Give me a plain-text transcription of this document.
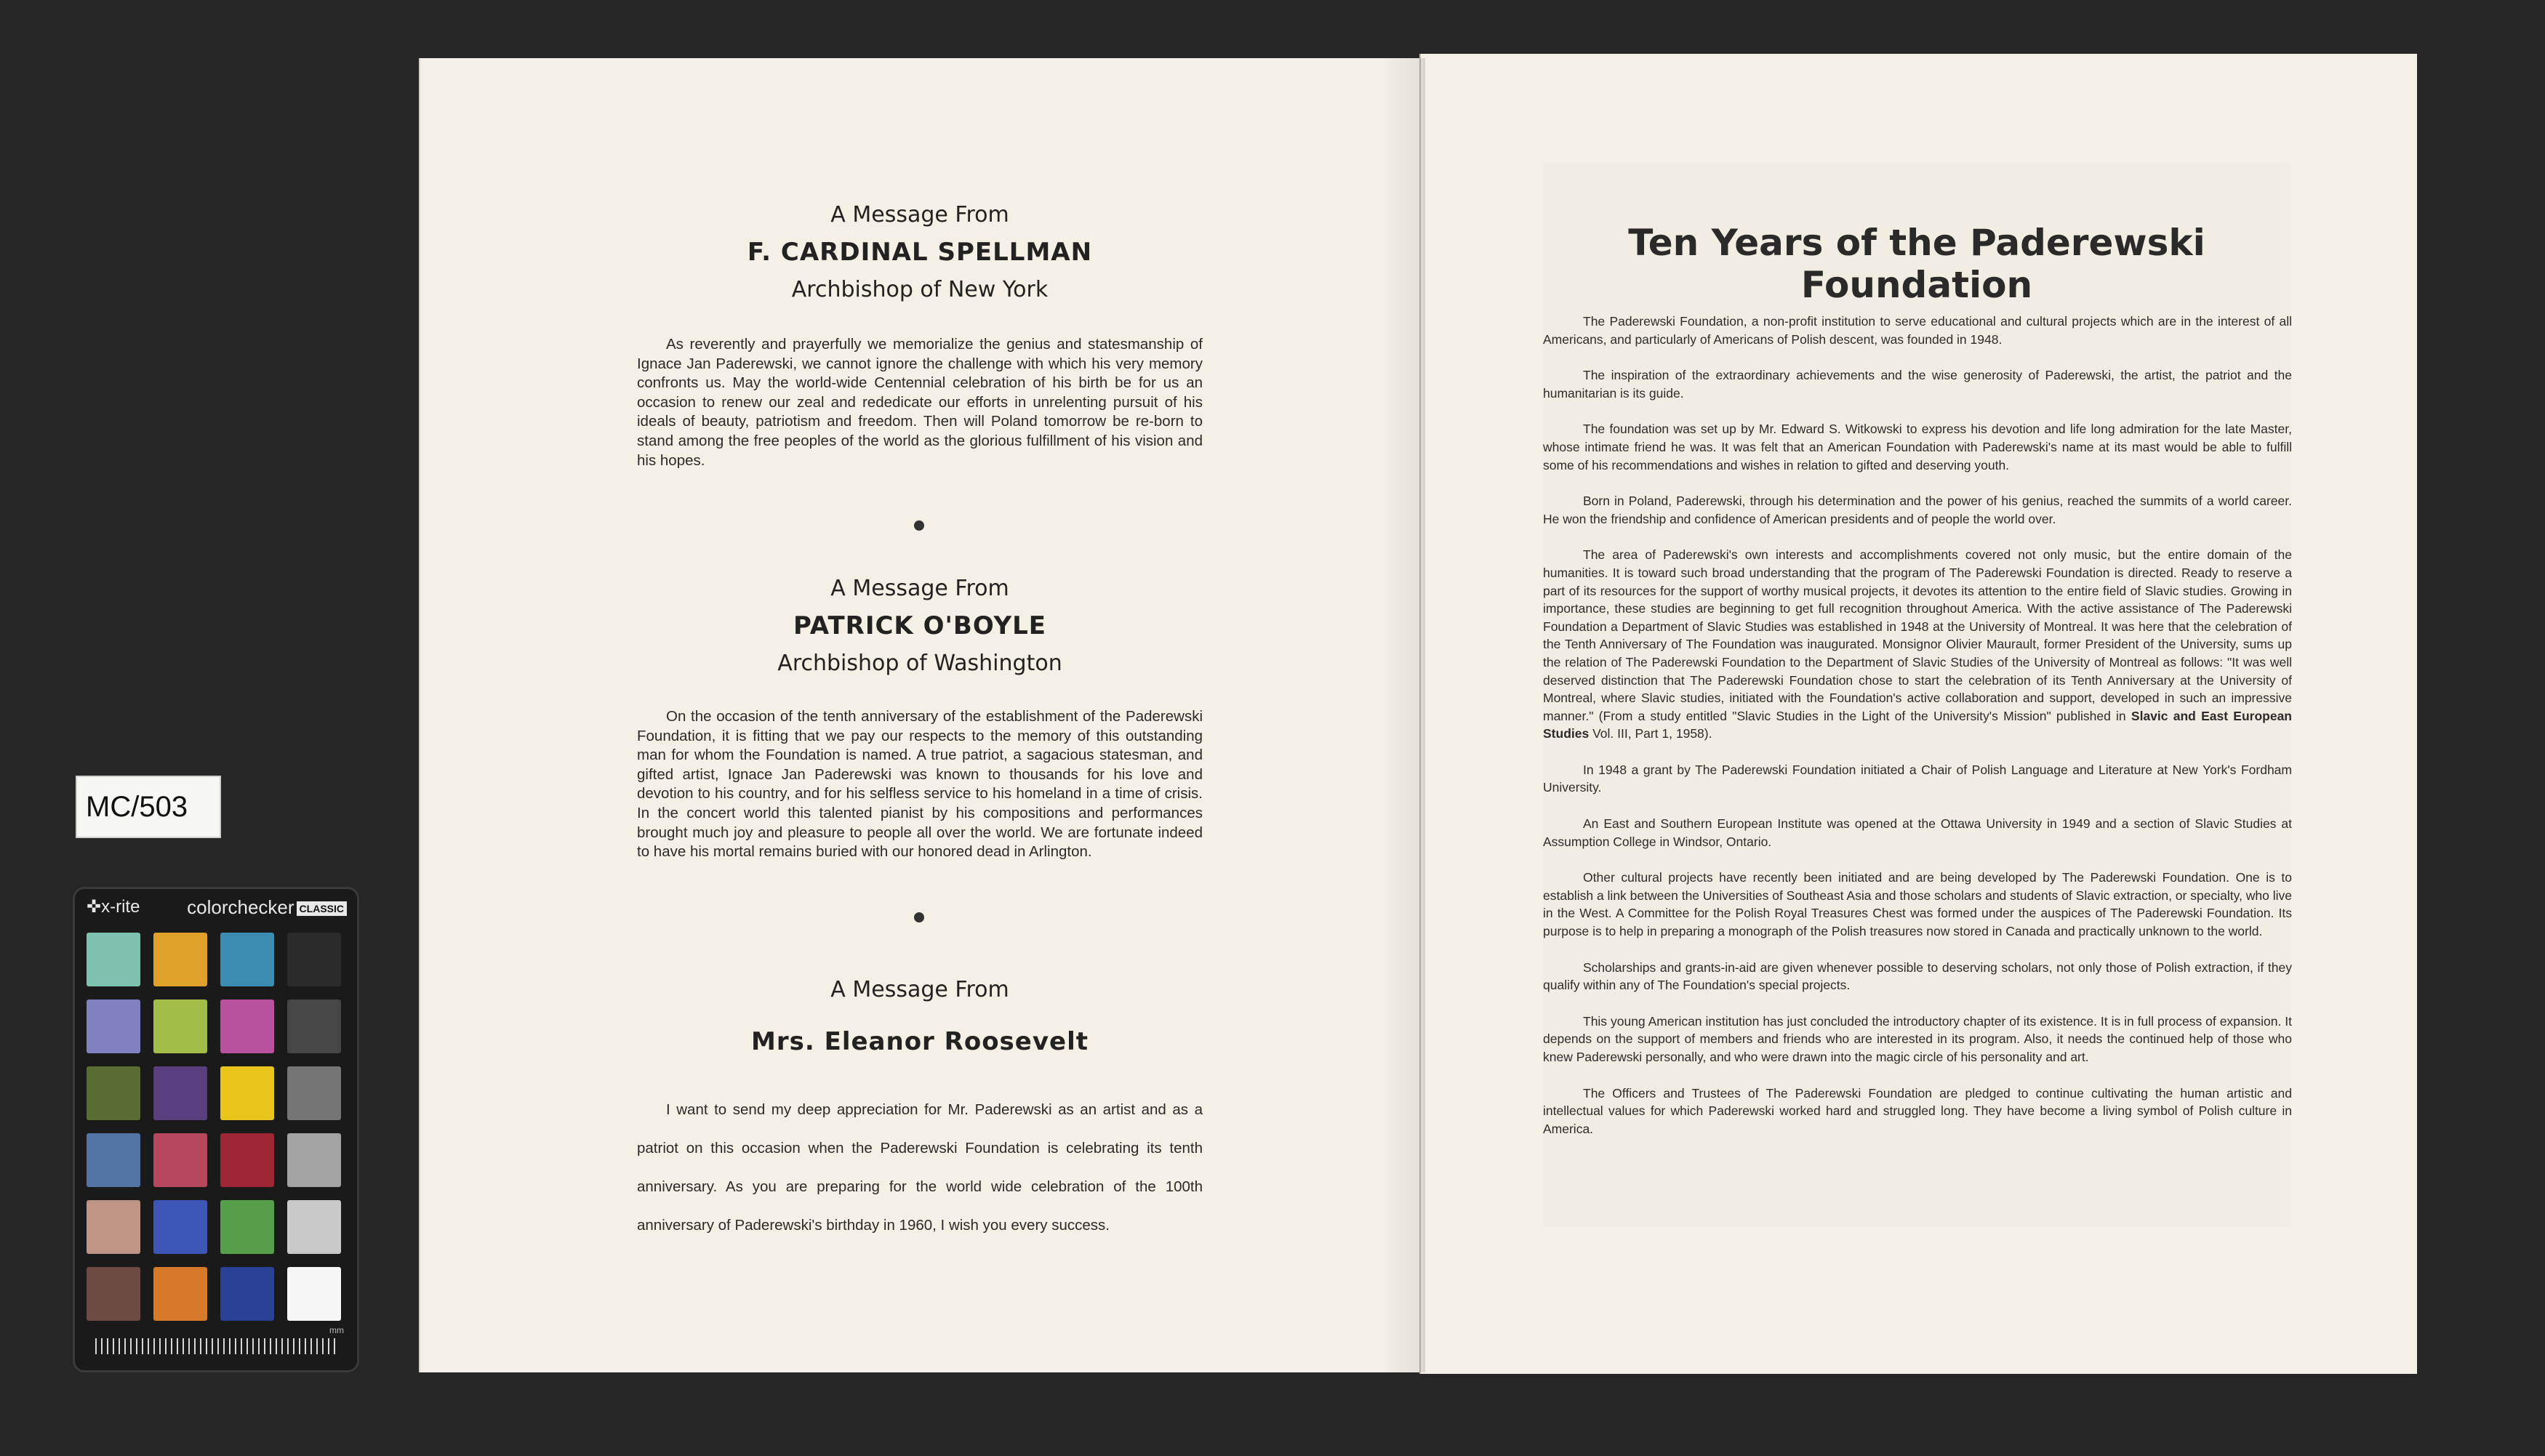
MC/503
✜x-rite colorchecker CLASSIC
mm
A Message From
F. CARDINAL SPELLMAN
Archbishop of New York

As reverently and prayerfully we memorialize the genius and statesmanship of Ignace Jan Paderewski, we cannot ignore the challenge with which his very memory confronts us. May the world-wide Centennial celebration of his birth be for us an occasion to renew our zeal and rededicate our efforts in unrelenting pursuit of his ideals of beauty, patriotism and freedom. Then will Poland tomorrow be re-born to stand among the free peoples of the world as the glorious fulfillment of his vision and his hopes.

A Message From
PATRICK O'BOYLE
Archbishop of Washington

On the occasion of the tenth anniversary of the establishment of the Paderewski Foundation, it is fitting that we pay our respects to the memory of this outstanding man for whom the Foundation is named. A true patriot, a sagacious statesman, and gifted artist, Ignace Jan Paderewski was known to thousands for his love and devotion to his country, and for his selfless service to his homeland in a time of crisis. In the concert world this talented pianist by his compositions and performances brought much joy and pleasure to people all over the world. We are fortunate indeed to have his mortal remains buried with our honored dead in Arlington.

A Message From
Mrs. Eleanor Roosevelt

I want to send my deep appreciation for Mr. Paderewski as an artist and as a patriot on this occasion when the Paderewski Foundation is celebrating its tenth anniversary. As you are preparing for the world wide celebration of the 100th anniversary of Paderewski's birthday in 1960, I wish you every success.

Ten Years of the Paderewski Foundation

The Paderewski Foundation, a non-profit institution to serve educational and cultural projects which are in the interest of all Americans, and particularly of Americans of Polish descent, was founded in 1948.

The inspiration of the extraordinary achievements and the wise generosity of Paderewski, the artist, the patriot and the humanitarian is its guide.

The foundation was set up by Mr. Edward S. Witkowski to express his devotion and life long admiration for the late Master, whose intimate friend he was. It was felt that an American Foundation with Paderewski's name at its mast would be able to fulfill some of his recommendations and wishes in relation to gifted and deserving youth.

Born in Poland, Paderewski, through his determination and the power of his genius, reached the summits of a world career. He won the friendship and confidence of American presidents and of people the world over.

The area of Paderewski's own interests and accomplishments covered not only music, but the entire domain of the humanities. It is toward such broad understanding that the program of The Paderewski Foundation is directed. Ready to reserve a part of its resources for the support of worthy musical projects, it devotes its attention to the entire field of Slavic studies. Growing in importance, these studies are beginning to get full recognition throughout America. With the active assistance of The Paderewski Foundation a Department of Slavic Studies was established in 1948 at the University of Montreal. It was here that the celebration of the Tenth Anniversary of The Foundation was inaugurated. Monsignor Olivier Maurault, former President of the University, sums up the relation of The Paderewski Foundation to the Department of Slavic Studies of the University of Montreal as follows: "It was well deserved distinction that The Paderewski Foundation chose to start the celebration of its Tenth Anniversary at the University of Montreal, where Slavic studies, initiated with the Foundation's active collaboration and support, developed in such an impressive manner." (From a study entitled "Slavic Studies in the Light of the University's Mission" published in Slavic and East European Studies Vol. III, Part 1, 1958).

In 1948 a grant by The Paderewski Foundation initiated a Chair of Polish Language and Literature at New York's Fordham University.

An East and Southern European Institute was opened at the Ottawa University in 1949 and a section of Slavic Studies at Assumption College in Windsor, Ontario.

Other cultural projects have recently been initiated and are being developed by The Paderewski Foundation. One is to establish a link between the Universities of Southeast Asia and those scholars and students of Slavic extraction, or specialty, who live in the West. A Committee for the Polish Royal Treasures Chest was formed under the auspices of The Paderewski Foundation. Its purpose is to help in preparing a monograph of the Polish treasures now stored in Canada and practically unknown to the world.

Scholarships and grants-in-aid are given whenever possible to deserving scholars, not only those of Polish extraction, if they qualify within any of The Foundation's special projects.

This young American institution has just concluded the introductory chapter of its existence. It is in full process of expansion. It depends on the support of members and friends who are interested in its program. Also, it needs the continued help of those who knew Paderewski personally, and who were drawn into the magic circle of his personality and art.

The Officers and Trustees of The Paderewski Foundation are pledged to continue cultivating the human artistic and intellectual values for which Paderewski worked hard and struggled long. They have become a living symbol of Polish culture in America.
